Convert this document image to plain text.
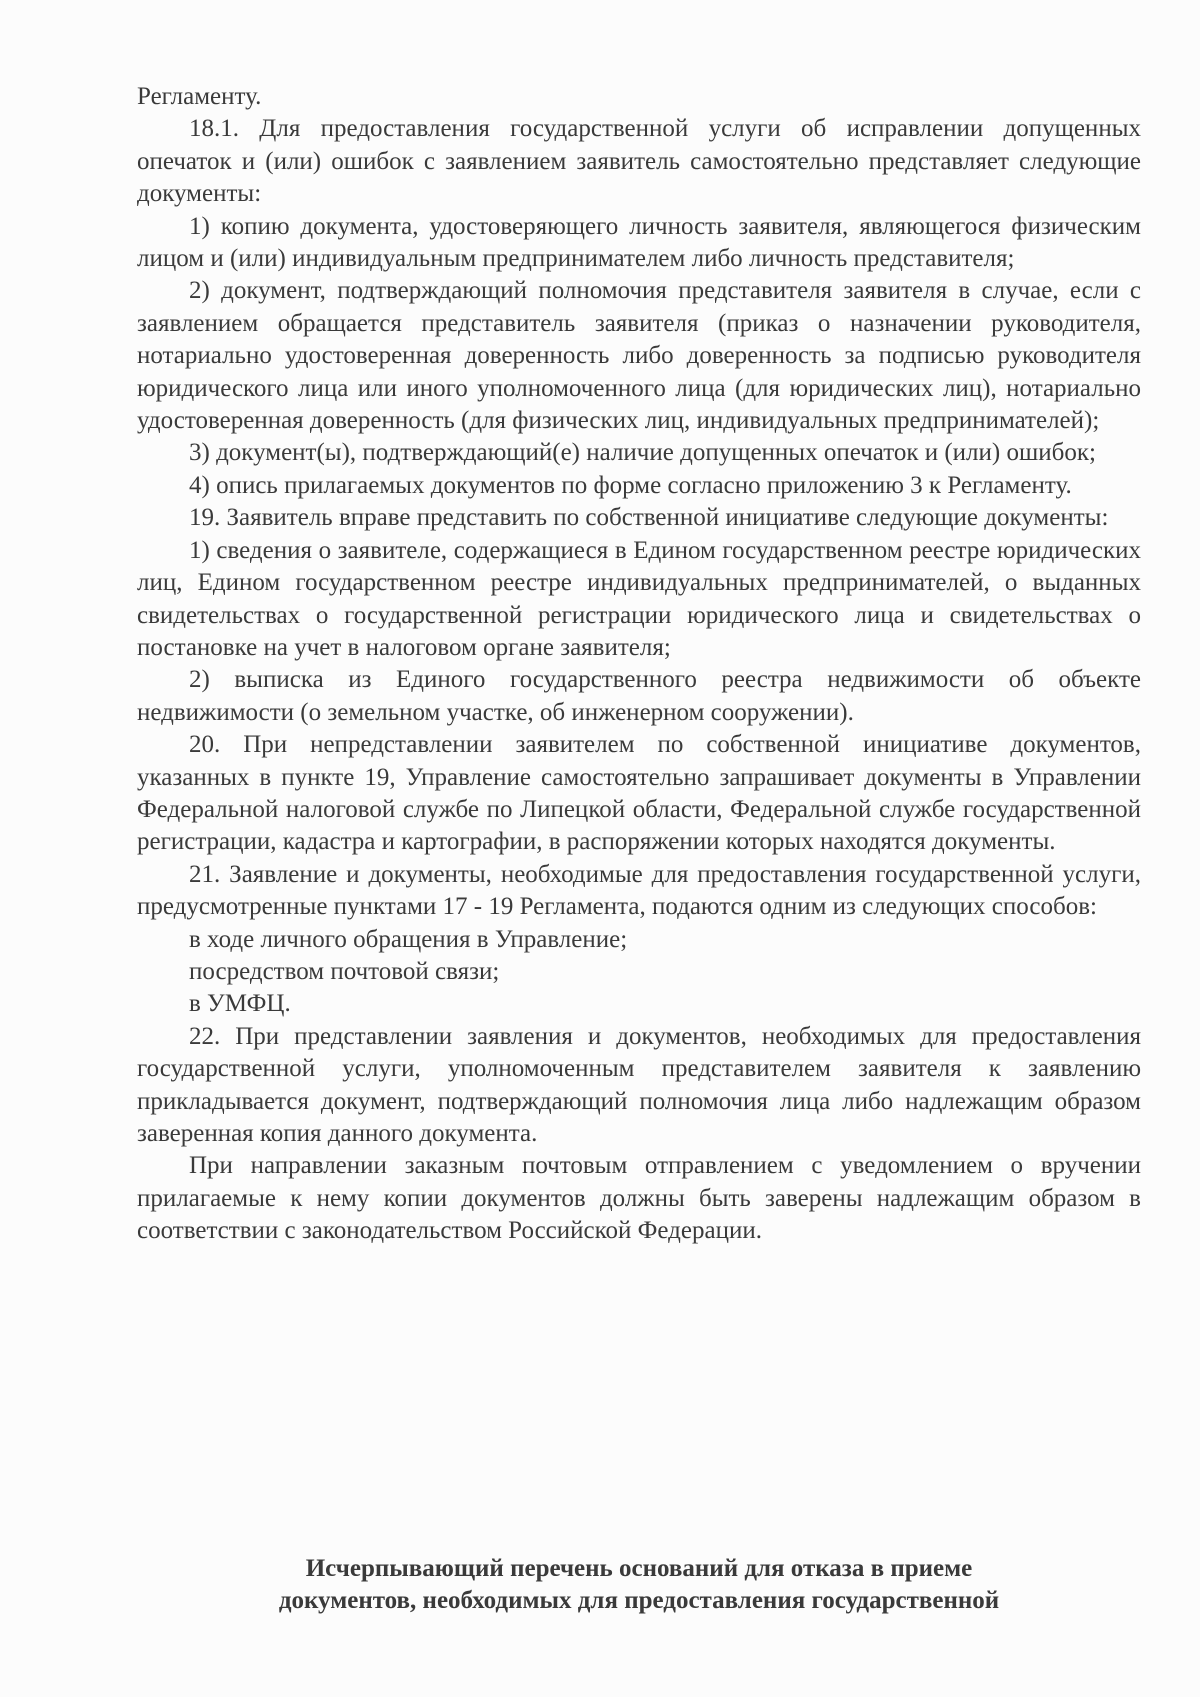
Регламенту.

18.1. Для предоставления государственной услуги об исправлении допущенных опечаток и (или) ошибок с заявлением заявитель самостоятельно представляет следующие документы:

1) копию документа, удостоверяющего личность заявителя, являющегося физическим лицом и (или) индивидуальным предпринимателем либо личность представителя;

2) документ, подтверждающий полномочия представителя заявителя в случае, если с заявлением обращается представитель заявителя (приказ о назначении руководителя, нотариально удостоверенная доверенность либо доверенность за подписью руководителя юридического лица или иного уполномоченного лица (для юридических лиц), нотариально удостоверенная доверенность (для физических лиц, индивидуальных предпринимателей);

3) документ(ы), подтверждающий(е) наличие допущенных опечаток и (или) ошибок;

4) опись прилагаемых документов по форме согласно приложению 3 к Регламенту.

19. Заявитель вправе представить по собственной инициативе следующие документы:

1) сведения о заявителе, содержащиеся в Едином государственном реестре юридических лиц, Едином государственном реестре индивидуальных предпринимателей, о выданных свидетельствах о государственной регистрации юридического лица и свидетельствах о постановке на учет в налоговом органе заявителя;

2) выписка из Единого государственного реестра недвижимости об объекте недвижимости (о земельном участке, об инженерном сооружении).

20. При непредставлении заявителем по собственной инициативе документов, указанных в пункте 19, Управление самостоятельно запрашивает документы в Управлении Федеральной налоговой службе по Липецкой области, Федеральной службе государственной регистрации, кадастра и картографии, в распоряжении которых находятся документы.

21. Заявление и документы, необходимые для предоставления государственной услуги, предусмотренные пунктами 17 - 19 Регламента, подаются одним из следующих способов:

в ходе личного обращения в Управление;

посредством почтовой связи;

в УМФЦ.

22. При представлении заявления и документов, необходимых для предоставления государственной услуги, уполномоченным представителем заявителя к заявлению прикладывается документ, подтверждающий полномочия лица либо надлежащим образом заверенная копия данного документа.

При направлении заказным почтовым отправлением с уведомлением о вручении прилагаемые к нему копии документов должны быть заверены надлежащим образом в соответствии с законодательством Российской Федерации.

Исчерпывающий перечень оснований для отказа в приеме
документов, необходимых для предоставления государственной
